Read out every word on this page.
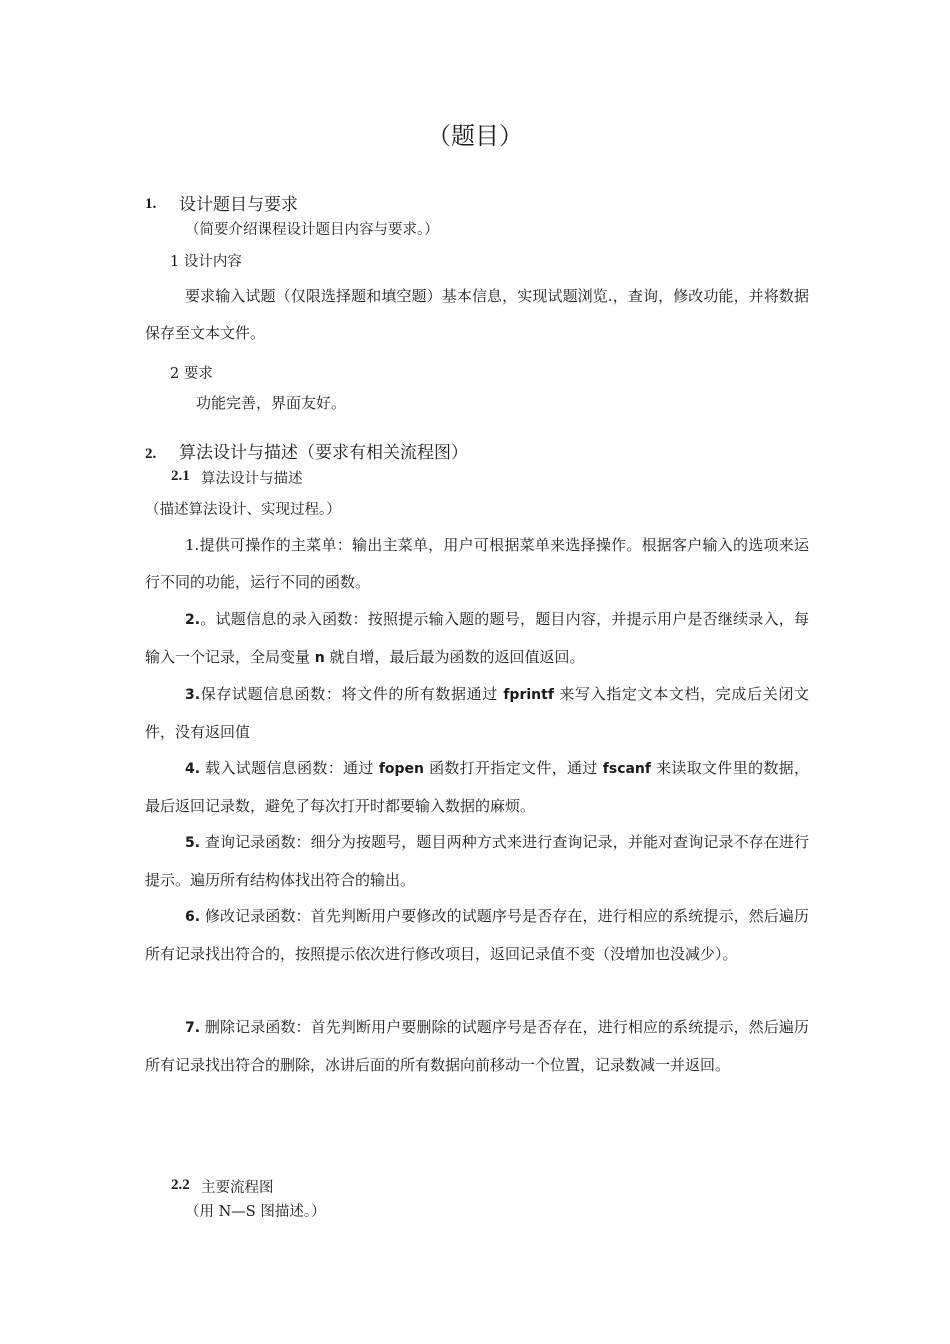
（题目）
1. 设计题目与要求
（简要介绍课程设计题目内容与要求。）
1 设计内容
要求输入试题（仅限选择题和填空题）基本信息，实现试题浏览.，查询，修改功能，并将数据保存至文本文件。
2 要求
功能完善，界面友好。
2. 算法设计与描述（要求有相关流程图）
2.1 算法设计与描述
（描述算法设计、实现过程。）
1.提供可操作的主菜单：输出主菜单，用户可根据菜单来选择操作。根据客户输入的选项来运行不同的功能，运行不同的函数。
2.。试题信息的录入函数：按照提示输入题的题号，题目内容，并提示用户是否继续录入，每输入一个记录，全局变量 n 就自增，最后最为函数的返回值返回。
3.保存试题信息函数：将文件的所有数据通过 fprintf 来写入指定文本文档，完成后关闭文件，没有返回值
4. 载入试题信息函数：通过 fopen 函数打开指定文件，通过 fscanf 来读取文件里的数据，最后返回记录数，避免了每次打开时都要输入数据的麻烦。
5. 查询记录函数：细分为按题号，题目两种方式来进行查询记录，并能对查询记录不存在进行提示。遍历所有结构体找出符合的输出。
6. 修改记录函数：首先判断用户要修改的试题序号是否存在，进行相应的系统提示，然后遍历所有记录找出符合的，按照提示依次进行修改项目，返回记录值不变（没增加也没减少）。
7. 删除记录函数：首先判断用户要删除的试题序号是否存在，进行相应的系统提示，然后遍历所有记录找出符合的删除，冰讲后面的所有数据向前移动一个位置，记录数减一并返回。
2.2 主要流程图
（用 N—S 图描述。）
